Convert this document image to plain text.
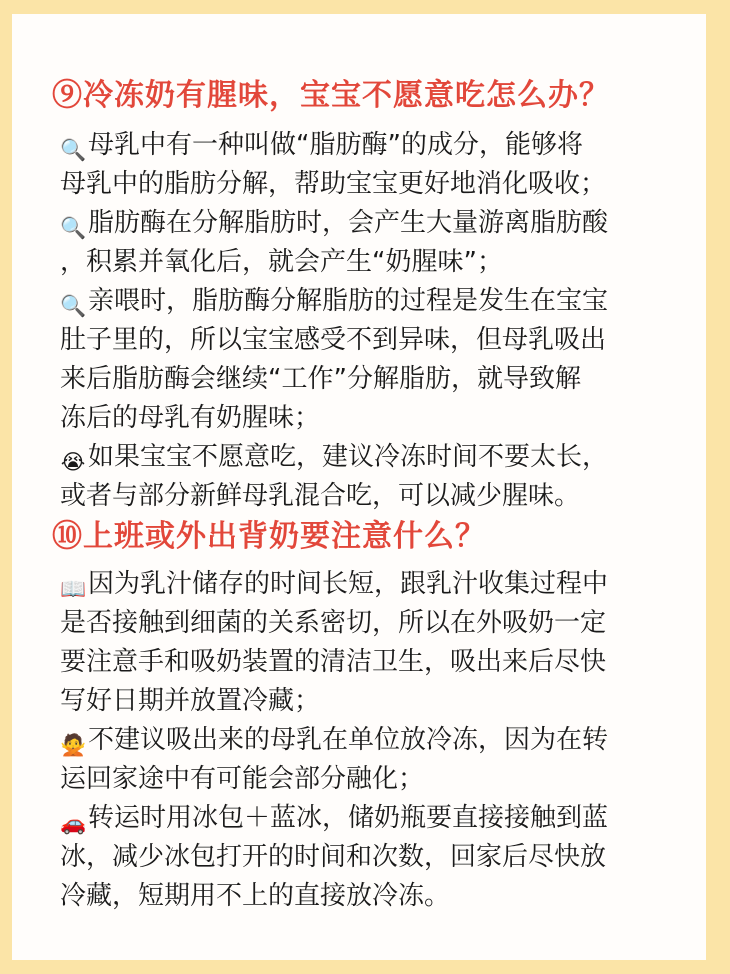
⑨冷冻奶有腥味，宝宝不愿意吃怎么办？
🔍母乳中有一种叫做“脂肪酶”的成分，能够将
母乳中的脂肪分解，帮助宝宝更好地消化吸收；
🔍脂肪酶在分解脂肪时，会产生大量游离脂肪酸
，积累并氧化后，就会产生“奶腥味”；
🔍亲喂时，脂肪酶分解脂肪的过程是发生在宝宝
肚子里的，所以宝宝感受不到异味，但母乳吸出
来后脂肪酶会继续“工作”分解脂肪，就导致解
冻后的母乳有奶腥味；
😭 如果宝宝不愿意吃，建议冷冻时间不要太长，
或者与部分新鲜母乳混合吃，可以减少腥味。
⑩上班或外出背奶要注意什么？
📖因为乳汁储存的时间长短，跟乳汁收集过程中
是否接触到细菌的关系密切，所以在外吸奶一定
要注意手和吸奶装置的清洁卫生，吸出来后尽快
写好日期并放置冷藏；
🙅不建议吸出来的母乳在单位放冷冻，因为在转
运回家途中有可能会部分融化；
🚗转运时用冰包＋蓝冰，储奶瓶要直接接触到蓝
冰，减少冰包打开的时间和次数，回家后尽快放
冷藏，短期用不上的直接放冷冻。
